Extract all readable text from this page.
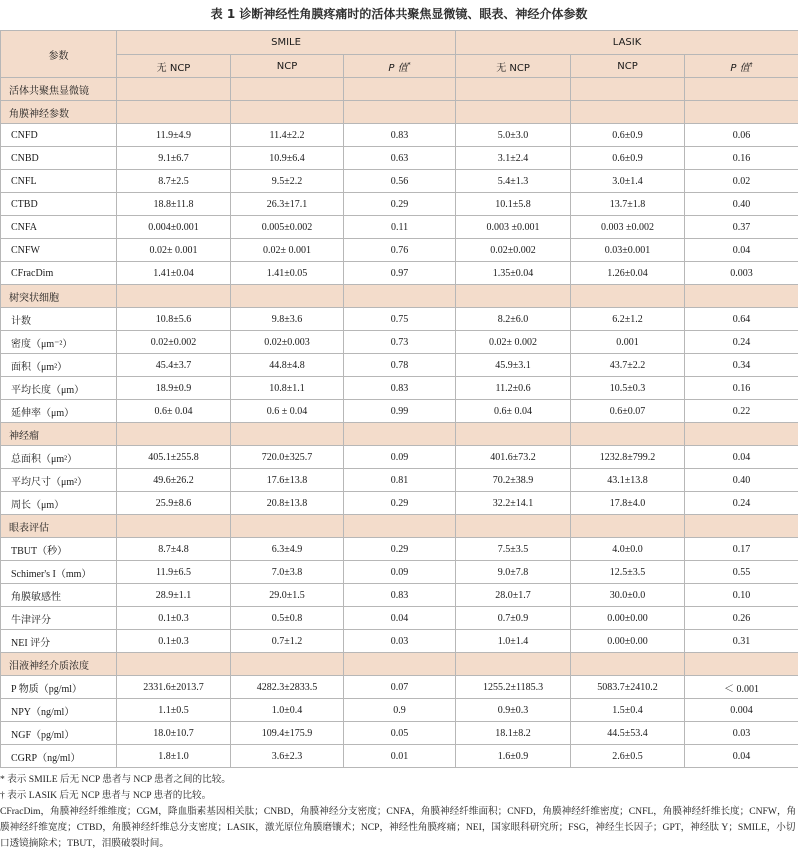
表 1 诊断神经性角膜疼痛时的活体共聚焦显微镜、眼表、神经介体参数
参数	SMILE			LASIK		
	无 NCP	NCP	P 值*	无 NCP	NCP	P 值†
活体共聚焦显微镜						
角膜神经参数						
CNFD	11.9±4.9	11.4±2.2	0.83	5.0±3.0	0.6±0.9	0.06
CNBD	9.1±6.7	10.9±6.4	0.63	3.1±2.4	0.6±0.9	0.16
CNFL	8.7±2.5	9.5±2.2	0.56	5.4±1.3	3.0±1.4	0.02
CTBD	18.8±11.8	26.3±17.1	0.29	10.1±5.8	13.7±1.8	0.40
CNFA	0.004±0.001	0.005±0.002	0.11	0.003 ±0.001	0.003 ±0.002	0.37
CNFW	0.02± 0.001	0.02± 0.001	0.76	0.02±0.002	0.03±0.001	0.04
CFracDim	1.41±0.04	1.41±0.05	0.97	1.35±0.04	1.26±0.04	0.003
树突状细胞						
计数	10.8±5.6	9.8±3.6	0.75	8.2±6.0	6.2±1.2	0.64
密度（μm⁻²）	0.02±0.002	0.02±0.003	0.73	0.02± 0.002	0.001	0.24
面积（μm²）	45.4±3.7	44.8±4.8	0.78	45.9±3.1	43.7±2.2	0.34
平均长度（μm）	18.9±0.9	10.8±1.1	0.83	11.2±0.6	10.5±0.3	0.16
延伸率（μm）	0.6± 0.04	0.6 ± 0.04	0.99	0.6± 0.04	0.6±0.07	0.22
神经瘤						
总面积（μm²）	405.1±255.8	720.0±325.7	0.09	401.6±73.2	1232.8±799.2	0.04
平均尺寸（μm²）	49.6±26.2	17.6±13.8	0.81	70.2±38.9	43.1±13.8	0.40
周长（μm）	25.9±8.6	20.8±13.8	0.29	32.2±14.1	17.8±4.0	0.24
眼表评估						
TBUT（秒）	8.7±4.8	6.3±4.9	0.29	7.5±3.5	4.0±0.0	0.17
Schimer's I（mm）	11.9±6.5	7.0±3.8	0.09	9.0±7.8	12.5±3.5	0.55
角膜敏感性	28.9±1.1	29.0±1.5	0.83	28.0±1.7	30.0±0.0	0.10
牛津评分	0.1±0.3	0.5±0.8	0.04	0.7±0.9	0.00±0.00	0.26
NEI 评分	0.1±0.3	0.7±1.2	0.03	1.0±1.4	0.00±0.00	0.31
泪液神经介质浓度						
P 物质（pg/ml）	2331.6±2013.7	4282.3±2833.5	0.07	1255.2±1185.3	5083.7±2410.2	＜ 0.001
NPY（ng/ml）	1.1±0.5	1.0±0.4	0.9	0.9±0.3	1.5±0.4	0.004
NGF（pg/ml）	18.0±10.7	109.4±175.9	0.05	18.1±8.2	44.5±53.4	0.03
CGRP（ng/ml）	1.8±1.0	3.6±2.3	0.01	1.6±0.9	2.6±0.5	0.04

* 表示 SMILE 后无 NCP 患者与 NCP 患者之间的比较。

† 表示 LASIK 后无 NCP 患者与 NCP 患者的比较。

CFracDim，角膜神经纤维维度；CGM，降血脂素基因相关肽；CNBD，角膜神经分支密度；CNFA，角膜神经纤维面积；CNFD，角膜神经纤维密度；CNFL，角膜神经纤维长度；CNFW，角膜神经纤维宽度；CTBD，角膜神经纤维总分支密度；LASIK，激光原位角膜磨镶术；NCP，神经性角膜疼痛；NEI，国家眼科研究所；FSG，神经生长因子；GPT，神经肽 Y；SMILE，小切口透镜摘除术；TBUT，泪膜破裂时间。
